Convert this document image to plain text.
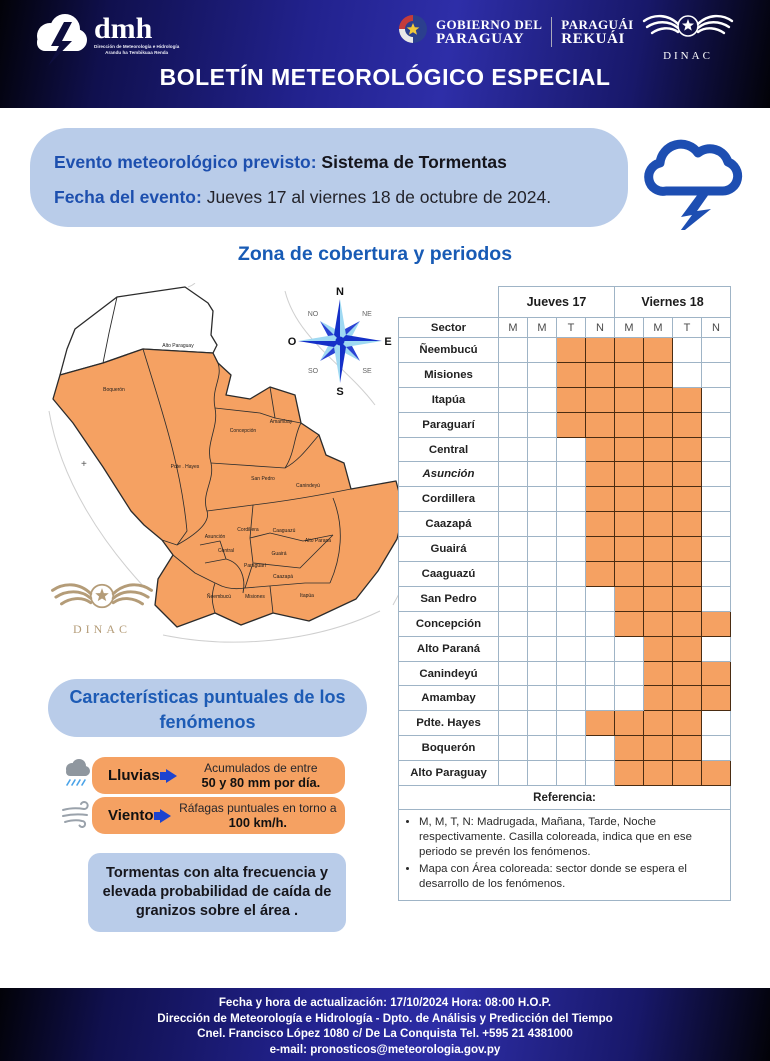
dmh
Dirección de Meteorología e Hidrología
Arandu ha Tembikuaa Renda
GOBIERNO DEL
PARAGUAY
PARAGUÁI
REKUÁI
DINAC
BOLETÍN METEOROLÓGICO ESPECIAL
Evento meteorológico previsto: Sistema de Tormentas
Fecha del evento: Jueves 17 al viernes 18 de octubre de 2024.
Zona de cobertura y periodos
Alto Paraguay
Boquerón
Pdte . Hayes
Concepción
Amambay
San Pedro
Canindeyú
Asunción
Cordillera	Caaguazú
Alto Paraná
Central	Guairá
Paraguarí
Caazapá
Ñeembucú	Misiones	Itapúa
N
S
E
O
NE
SE
SO
NO
+
DINAC
	Jueves 17				Viernes 18			
Sector	M	M	T	N	M	M	T	N
Ñeembucú								
Misiones								
Itapúa								
Paraguarí								
Central								
Asunción								
Cordillera								
Caazapá								
Guairá								
Caaguazú								
San Pedro								
Concepción								
Alto Paraná								
Canindeyú								
Amambay								
Pdte. Hayes								
Boquerón								
Alto Paraguay								
Referencia:								

• M, M, T, N: Madrugada, Mañana, Tarde, Noche respectivamente. Casilla coloreada, indica que en ese periodo se prevén los fenómenos.
• Mapa con Área coloreada: sector donde se espera el desarrollo de los fenómenos.
Características puntuales de los
fenómenos
Lluvias	Acumulados de entre
50 y 80 mm por día.
Viento	Ráfagas puntuales en torno a
100 km/h.
Tormentas con alta frecuencia y elevada probabilidad de caída de granizos sobre el área .
Fecha y hora de actualización: 17/10/2024 Hora: 08:00 H.O.P.
Dirección de Meteorología e Hidrología - Dpto. de Análisis y Predicción del Tiempo
Cnel. Francisco López 1080 c/ De La Conquista Tel. +595 21 4381000
e-mail: pronosticos@meteorologia.gov.py
